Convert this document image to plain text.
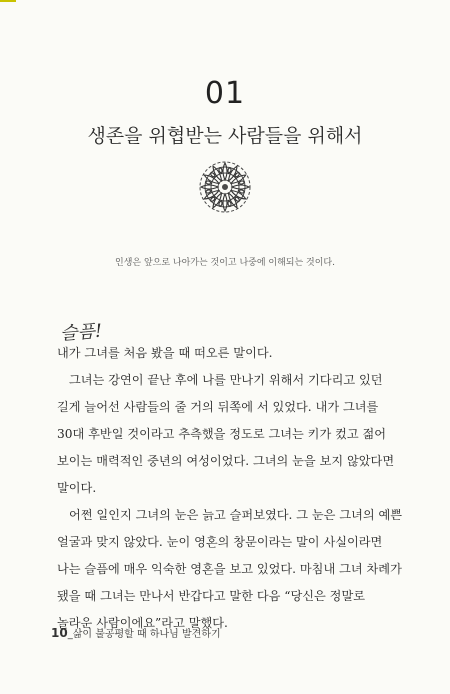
01
생존을 위협받는 사람들을 위해서
인생은 앞으로 나아가는 것이고 나중에 이해되는 것이다.
슬픔!

내가 그녀를 처음 봤을 때 떠오른 말이다.

그녀는 강연이 끝난 후에 나를 만나기 위해서 기다리고 있던 길게 늘어선 사람들의 줄 거의 뒤쪽에 서 있었다. 내가 그녀를 30대 후반일 것이라고 추측했을 정도로 그녀는 키가 컸고 젊어 보이는 매력적인 중년의 여성이었다. 그녀의 눈을 보지 않았다면 말이다.

어쩐 일인지 그녀의 눈은 늙고 슬퍼보였다. 그 눈은 그녀의 예쁜 얼굴과 맞지 않았다. 눈이 영혼의 창문이라는 말이 사실이라면 나는 슬픔에 매우 익숙한 영혼을 보고 있었다. 마침내 그녀 차례가 됐을 때 그녀는 만나서 반갑다고 말한 다음 “당신은 정말로 놀라운 사람이에요”라고 말했다.

10_삶이 불공평할 때 하나님 발견하기
